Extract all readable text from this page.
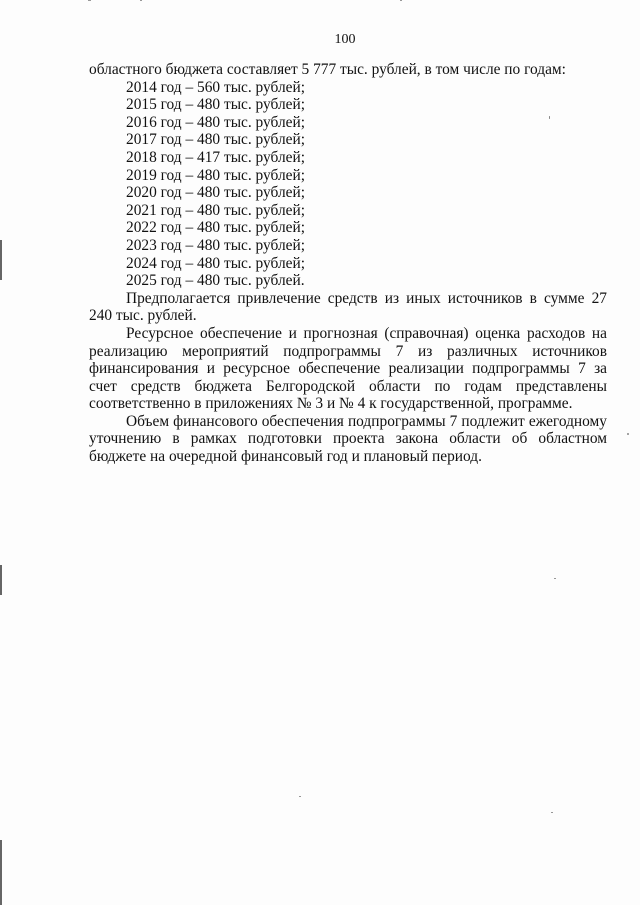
100
областного бюджета составляет 5 777 тыс. рублей, в том числе по годам:
2014 год – 560 тыс. рублей;
2015 год – 480 тыс. рублей;
2016 год – 480 тыс. рублей;
2017 год – 480 тыс. рублей;
2018 год – 417 тыс. рублей;
2019 год – 480 тыс. рублей;
2020 год – 480 тыс. рублей;
2021 год – 480 тыс. рублей;
2022 год – 480 тыс. рублей;
2023 год – 480 тыс. рублей;
2024 год – 480 тыс. рублей;
2025 год – 480 тыс. рублей.

Предполагается привлечение средств из иных источников в сумме 27 240 тыс. рублей.

Ресурсное обеспечение и прогнозная (справочная) оценка расходов на реализацию мероприятий подпрограммы 7 из различных источников финансирования и ресурсное обеспечение реализации подпрограммы 7 за счет средств бюджета Белгородской области по годам представлены соответственно в приложениях № 3 и № 4 к государственной, программе.

Объем финансового обеспечения подпрограммы 7 подлежит ежегодному уточнению в рамках подготовки проекта закона области об областном бюджете на очередной финансовый год и плановый период.
